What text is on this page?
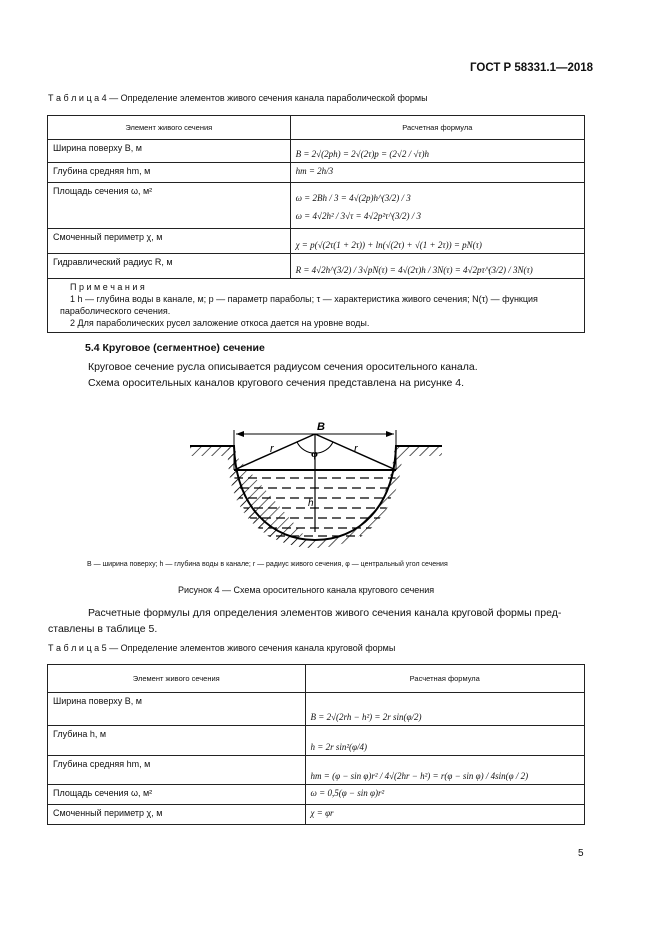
ГОСТ Р 58331.1—2018
Т а б л и ц а 4 — Определение элементов живого сечения канала параболической формы
Элемент живого сечения	Расчетная формула
Ширина поверху B, м	B = 2√(2ph) = 2√(2τ)p = (2√2 / √τ)h
Глубина средняя hm, м	hm = 2h/3
Площадь сечения ω, м²	ω = 2Bh / 3 = 4√(2p)h^(3/2) / 3
ω = 4√2h² / 3√τ = 4√2p²τ^(3/2) / 3

Смоченный периметр χ, м	χ = p(√(2τ(1 + 2τ)) + ln(√(2τ) + √(1 + 2τ)) = pN(τ)
Гидравлический радиус R, м	R = 4√2h^(3/2) / 3√pN(τ) = 4√(2τ)h / 3N(τ) = 4√2pτ^(3/2) / 3N(τ)

П р и м е ч а н и я
1 h — глубина воды в канале, м; p — параметр параболы; τ — характеристика живого сечения; N(τ) — функция
параболического сечения.
2 Для параболических русел заложение откоса дается на уровне воды.	
5.4 Круговое (сегментное) сечение
Круговое сечение русла описывается радиусом сечения оросительного канала.
Схема оросительных каналов кругового сечения представлена на рисунке 4.
B
r	r
φ
h
B — ширина поверху; h — глубина воды в канале; r — радиус живого сечения, φ — центральный угол сечения
Рисунок 4 — Схема оросительного канала кругового сечения
Расчетные формулы для определения элементов живого сечения канала круговой формы пред-
ставлены в таблице 5.
Т а б л и ц а 5 — Определение элементов живого сечения канала круговой формы
Элемент живого сечения	Расчетная формула
Ширина поверху B, м	B = 2√(2rh − h²) = 2r sin(φ/2)
Глубина h, м	h = 2r sin²(φ/4)
Глубина средняя hm, м	hm = (φ − sin φ)r² / 4√(2hr − h²) = r(φ − sin φ) / 4sin(φ / 2)
Площадь сечения ω, м²	ω = 0,5(φ − sin φ)r²
Смоченный периметр χ, м	χ = φr
5
